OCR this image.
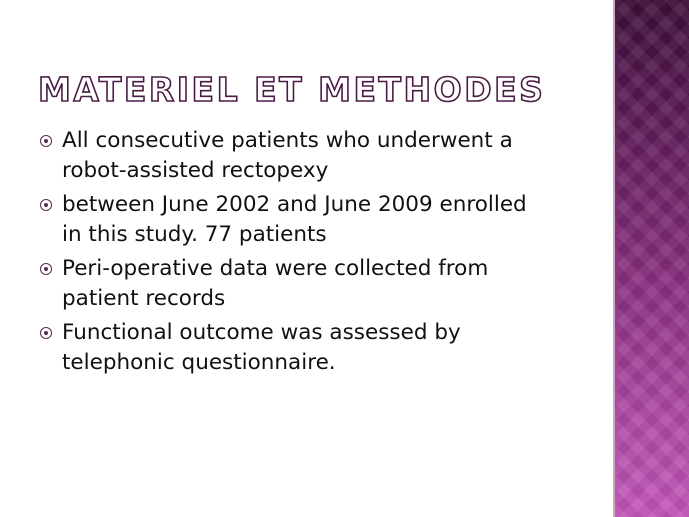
MATERIEL ET METHODES
All consecutive patients who underwent a
robot-assisted rectopexy
between June 2002 and June 2009 enrolled
in this study. 77 patients
Peri-operative data were collected from
patient records
Functional outcome was assessed by
telephonic questionnaire.
